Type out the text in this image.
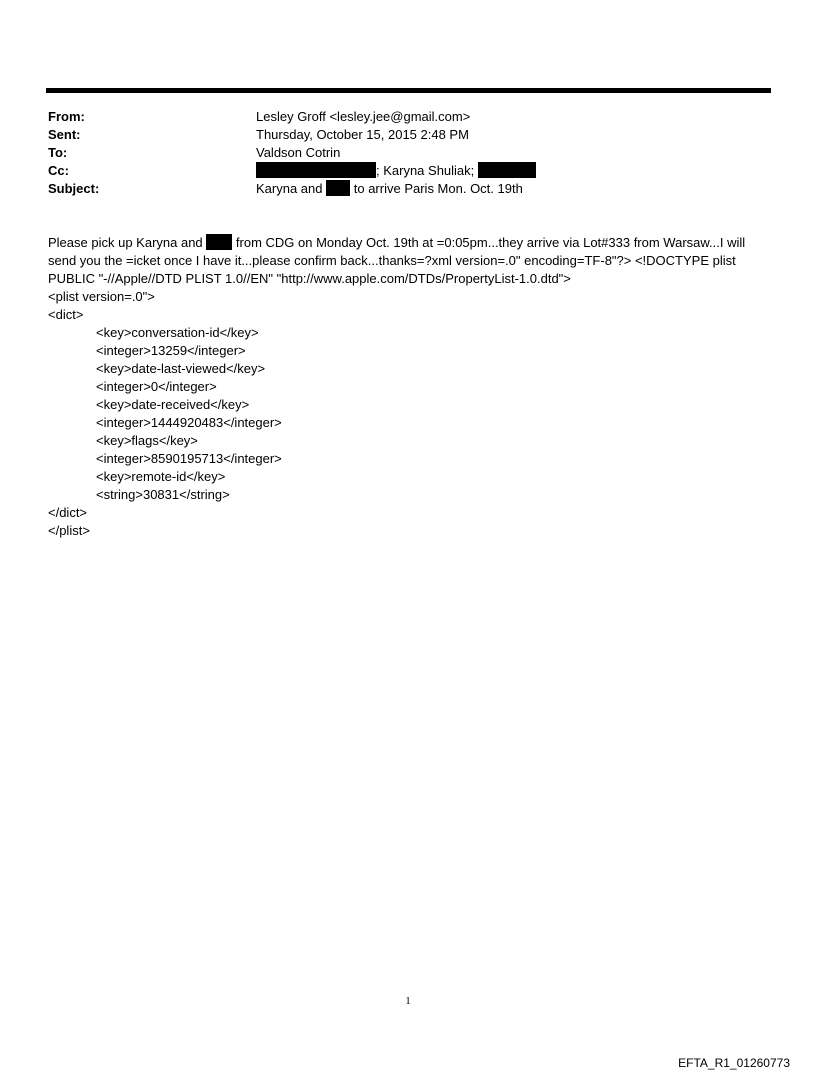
From:	Lesley Groff <lesley.jee@gmail.com>
Sent:	Thursday, October 15, 2015 2:48 PM
To:	Valdson Cotrin
Cc:	; Karyna Shuliak;
Subject:	Karyna and to arrive Paris Mon. Oct. 19th

Please pick up Karyna and	from CDG on Monday Oct. 19th at =0:05pm...they arrive via Lot#333 from Warsaw...I will

send you the =icket once I have it...please confirm back...thanks=?xml version=.0" encoding=TF-8"?> <!DOCTYPE plist

PUBLIC "-//Apple//DTD PLIST 1.0//EN" "http://www.apple.com/DTDs/PropertyList-1.0.dtd">

<plist version=.0">

<dict>

<key>conversation-id</key>

<integer>13259</integer>

<key>date-last-viewed</key>

<integer>0</integer>

<key>date-received</key>

<integer>1444920483</integer>

<key>flags</key>

<integer>8590195713</integer>

<key>remote-id</key>

<string>30831</string>

</dict>

</plist>

1
EFTA_R1_01260773
